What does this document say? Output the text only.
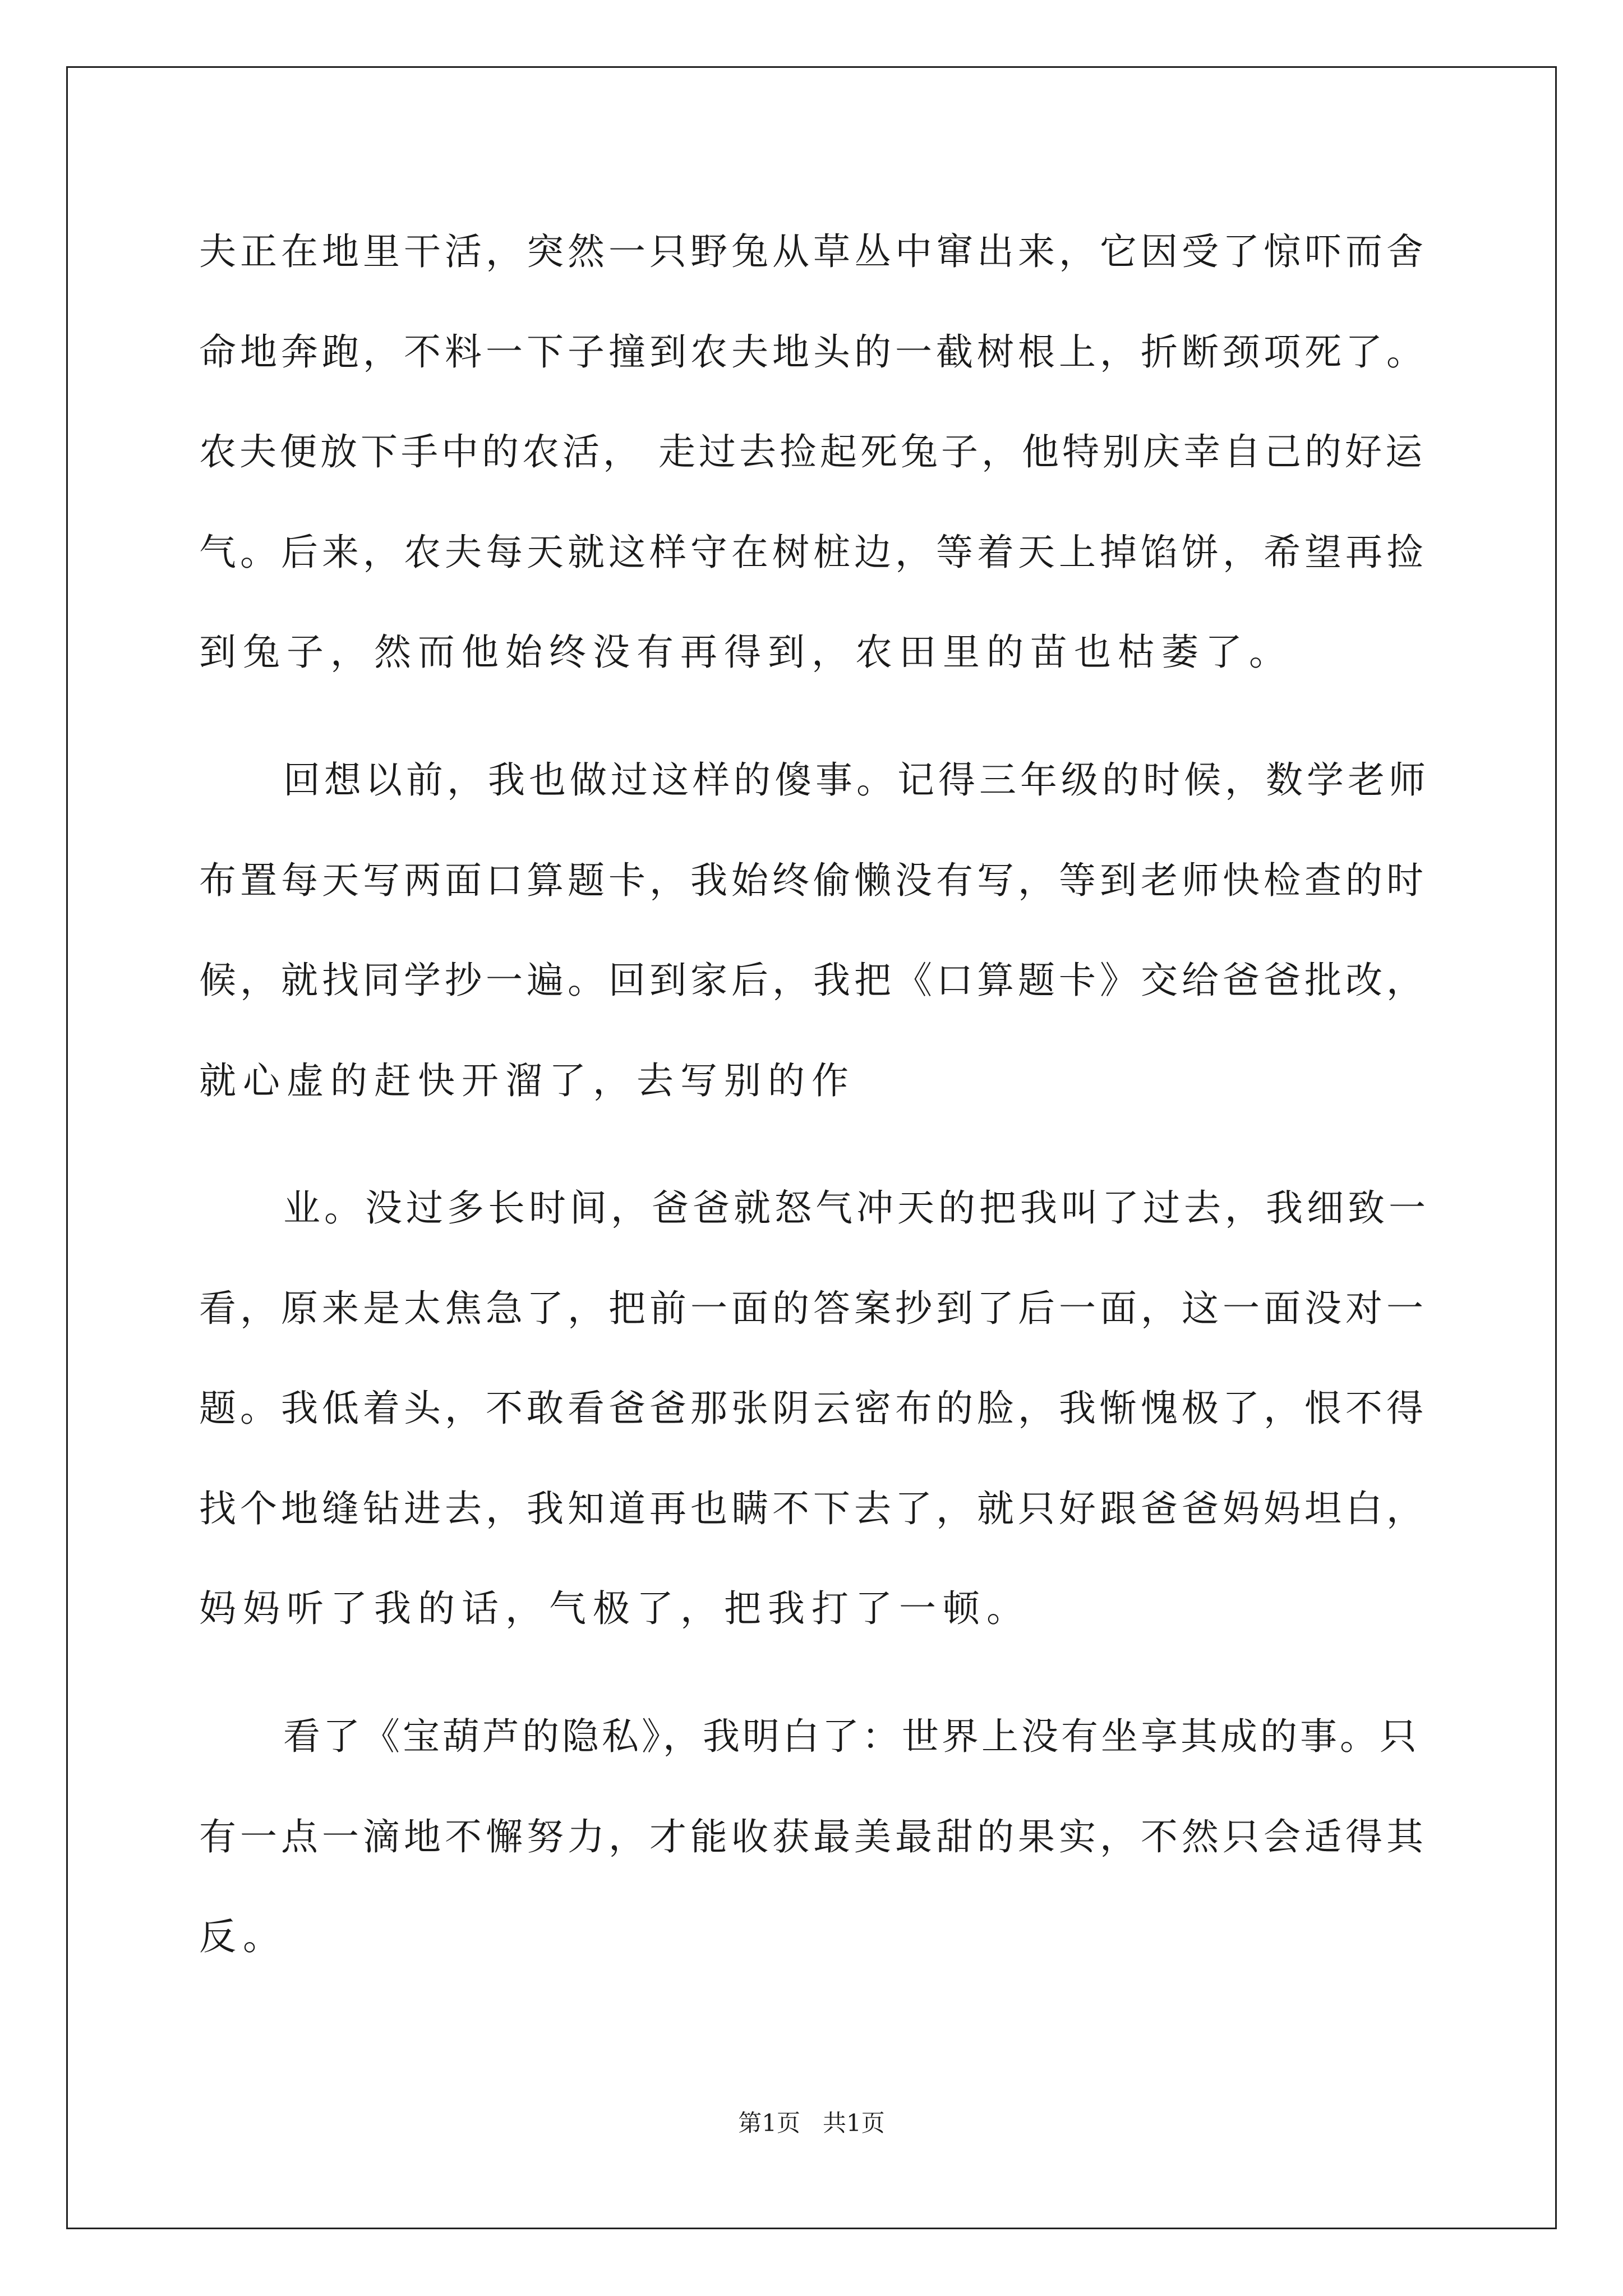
夫正在地里干活，突然一只野兔从草丛中窜出来，它因受了惊吓而舍
命地奔跑，不料一下子撞到农夫地头的一截树根上，折断颈项死了。
农夫便放下手中的农活， 走过去捡起死兔子，他特别庆幸自己的好运
气。后来，农夫每天就这样守在树桩边，等着天上掉馅饼，希望再捡
到兔子，然而他始终没有再得到，农田里的苗也枯萎了。
回想以前，我也做过这样的傻事。记得三年级的时候，数学老师
布置每天写两面口算题卡，我始终偷懒没有写，等到老师快检查的时
候，就找同学抄一遍。回到家后，我把《口算题卡》交给爸爸批改，
就心虚的赶快开溜了，去写别的作
业。没过多长时间，爸爸就怒气冲天的把我叫了过去，我细致一
看，原来是太焦急了，把前一面的答案抄到了后一面，这一面没对一
题。我低着头，不敢看爸爸那张阴云密布的脸，我惭愧极了，恨不得
找个地缝钻进去，我知道再也瞒不下去了，就只好跟爸爸妈妈坦白，
妈妈听了我的话，气极了，把我打了一顿。
看了《宝葫芦的隐私》，我明白了：世界上没有坐享其成的事。只
有一点一滴地不懈努力，才能收获最美最甜的果实，不然只会适得其
反。
第1页   共1页
